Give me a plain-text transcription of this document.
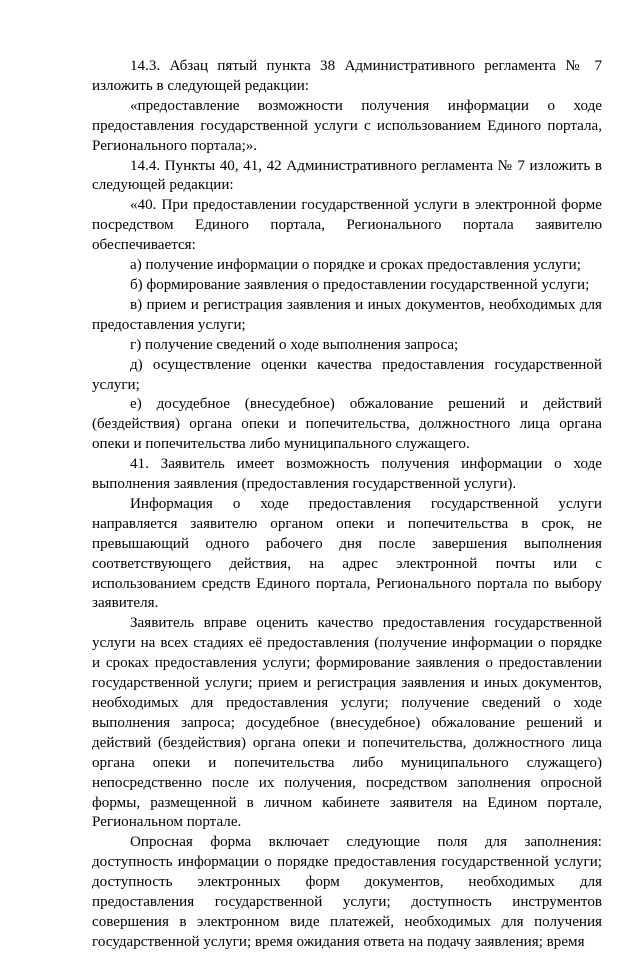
14.3. Абзац пятый пункта 38 Административного регламента № 7 изложить в следующей редакции:

«предоставление возможности получения информации о ходе предоставления государственной услуги с использованием Единого портала, Регионального портала;».

14.4. Пункты 40, 41, 42 Административного регламента № 7 изложить в следующей редакции:

«40. При предоставлении государственной услуги в электронной форме посредством Единого портала, Регионального портала заявителю обеспечивается:

а) получение информации о порядке и сроках предоставления услуги;

б) формирование заявления о предоставлении государственной услуги;

в) прием и регистрация заявления и иных документов, необходимых для предоставления услуги;

г) получение сведений о ходе выполнения запроса;

д) осуществление оценки качества предоставления государственной услуги;

е) досудебное (внесудебное) обжалование решений и действий (бездействия) органа опеки и попечительства, должностного лица органа опеки и попечительства либо муниципального служащего.

41. Заявитель имеет возможность получения информации о ходе выполнения заявления (предоставления государственной услуги).

Информация о ходе предоставления государственной услуги направляется заявителю органом опеки и попечительства в срок, не превышающий одного рабочего дня после завершения выполнения соответствующего действия, на адрес электронной почты или с использованием средств Единого портала, Регионального портала по выбору заявителя.

Заявитель вправе оценить качество предоставления государственной услуги на всех стадиях её предоставления (получение информации о порядке и сроках предоставления услуги; формирование заявления о предоставлении государственной услуги; прием и регистрация заявления и иных документов, необходимых для предоставления услуги; получение сведений о ходе выполнения запроса; досудебное (внесудебное) обжалование решений и действий (бездействия) органа опеки и попечительства, должностного лица органа опеки и попечительства либо муниципального служащего) непосредственно после их получения, посредством заполнения опросной формы, размещенной в личном кабинете заявителя на Едином портале, Региональном портале.

Опросная форма включает следующие поля для заполнения: доступность информации о порядке предоставления государственной услуги; доступность электронных форм документов, необходимых для предоставления государственной услуги; доступность инструментов совершения в электронном виде платежей, необходимых для получения государственной услуги; время ожидания ответа на подачу заявления; время
